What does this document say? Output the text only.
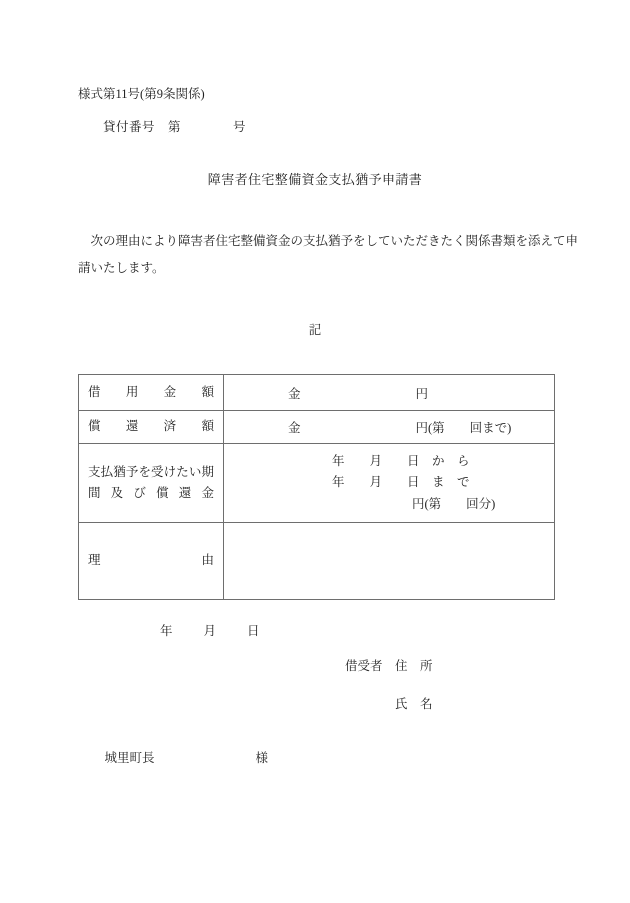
様式第11号(第9条関係)
貸付番号　第　　　　号
障害者住宅整備資金支払猶予申請書
　次の理由により障害者住宅整備資金の支払猶予をしていただきたく関係書類を添えて申
請いたします。
記
借用金額	金 円
償還済額	金 円(第　　回まで)
支払猶予を受けたい期間及び償還金	年　　月　　日　か　ら
年　　月　　日　ま　で
円(第　　回分)

理由	
年　　月　　日
借受者　住　所
氏　名

城里町長	様
